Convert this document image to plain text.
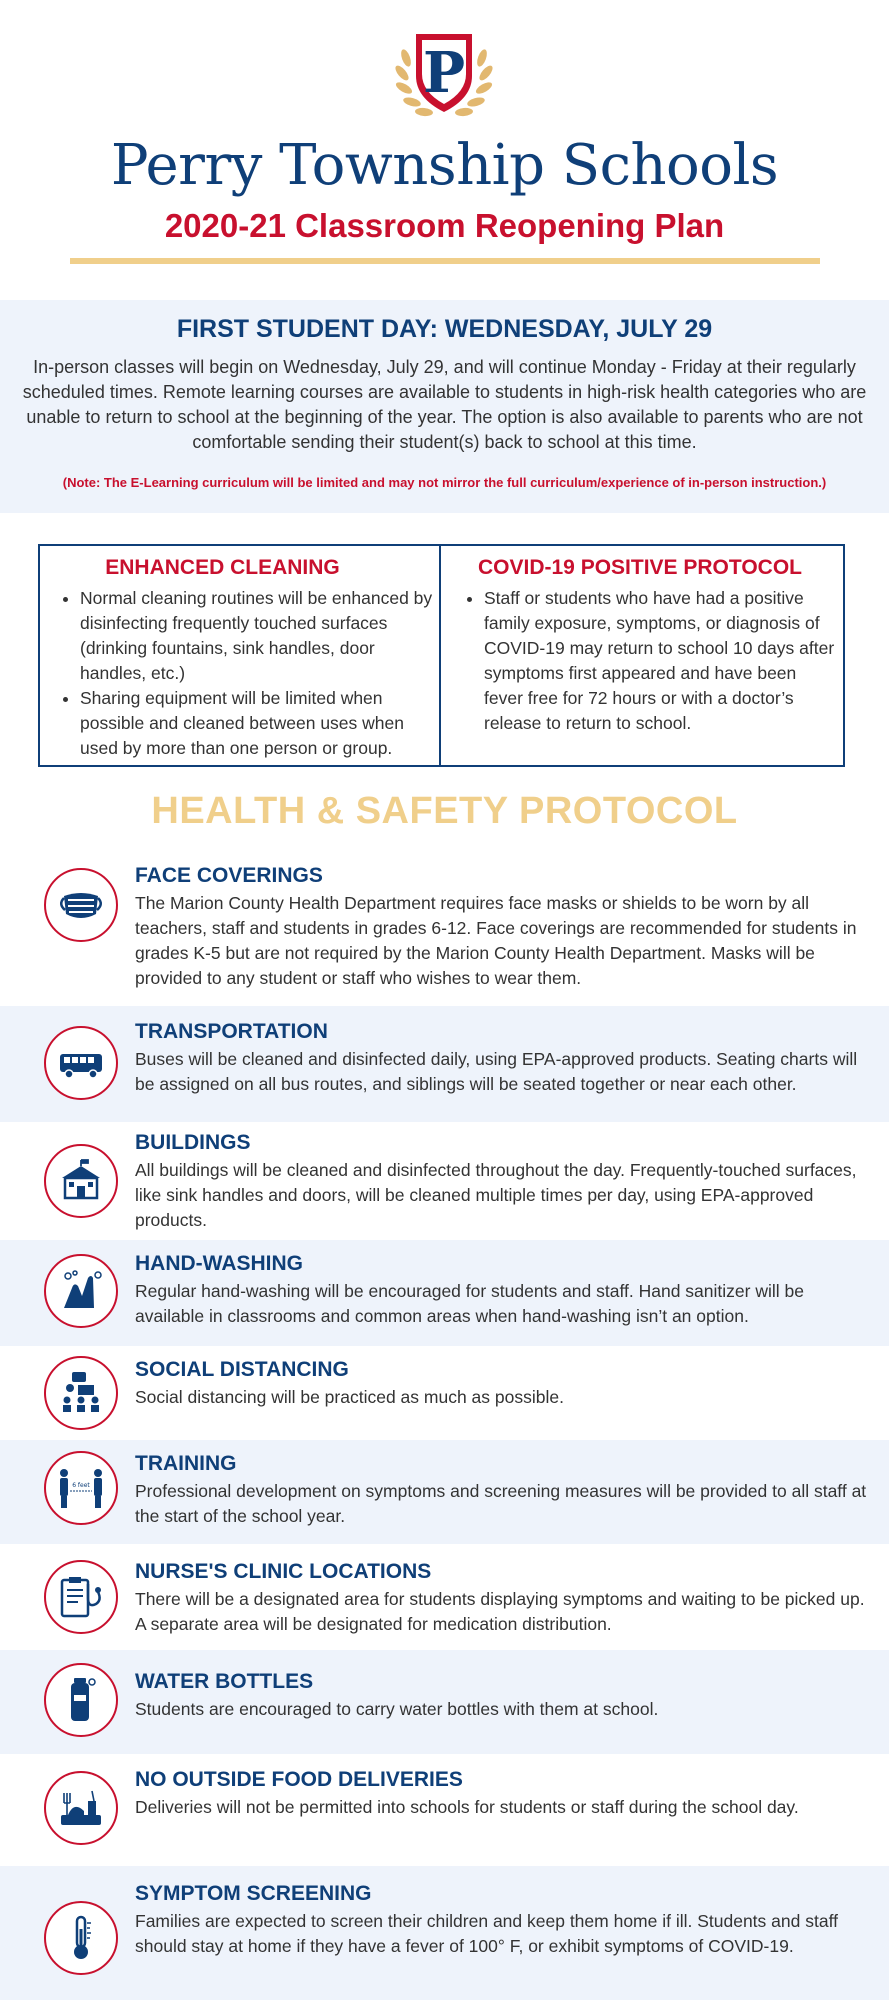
P
Perry Township Schools
2020-21 Classroom Reopening Plan
FIRST STUDENT DAY: WEDNESDAY, JULY 29
In-person classes will begin on Wednesday, July 29, and will continue Monday - Friday at their regularly scheduled times. Remote learning courses are available to students in high-risk health categories who are unable to return to school at the beginning of the year. The option is also available to parents who are not comfortable sending their student(s) back to school at this time.
(Note: The E-Learning curriculum will be limited and may not mirror the full curriculum/experience of in-person instruction.)
ENHANCED CLEANING
• Normal cleaning routines will be enhanced by disinfecting frequently touched surfaces (drinking fountains, sink handles, door handles, etc.)
• Sharing equipment will be limited when possible and cleaned between uses when used by more than one person or group.
COVID-19 POSITIVE PROTOCOL
• Staff or students who have had a positive family exposure, symptoms, or diagnosis of COVID-19 may return to school 10 days after symptoms first appeared and have been fever free for 72 hours or with a doctor’s release to return to school.
HEALTH & SAFETY PROTOCOL
FACE COVERINGS
The Marion County Health Department requires face masks or shields to be worn by all teachers, staff and students in grades 6-12. Face coverings are recommended for students in grades K-5 but are not required by the Marion County Health Department. Masks will be provided to any student or staff who wishes to wear them.
TRANSPORTATION
Buses will be cleaned and disinfected daily, using EPA-approved products. Seating charts will be assigned on all bus routes, and siblings will be seated together or near each other.
BUILDINGS
All buildings will be cleaned and disinfected throughout the day. Frequently-touched surfaces, like sink handles and doors, will be cleaned multiple times per day, using EPA-approved products.
HAND-WASHING
Regular hand-washing will be encouraged for students and staff. Hand sanitizer will be available in classrooms and common areas when hand-washing isn’t an option.
SOCIAL DISTANCING
Social distancing will be practiced as much as possible.
6 feet
TRAINING
Professional development on symptoms and screening measures will be provided to all staff at the start of the school year.
NURSE'S CLINIC LOCATIONS
There will be a designated area for students displaying symptoms and waiting to be picked up. A separate area will be designated for medication distribution.
WATER BOTTLES
Students are encouraged to carry water bottles with them at school.
NO OUTSIDE FOOD DELIVERIES
Deliveries will not be permitted into schools for students or staff during the school day.
SYMPTOM SCREENING
Families are expected to screen their children and keep them home if ill. Students and staff should stay at home if they have a fever of 100° F, or exhibit symptoms of COVID-19.
